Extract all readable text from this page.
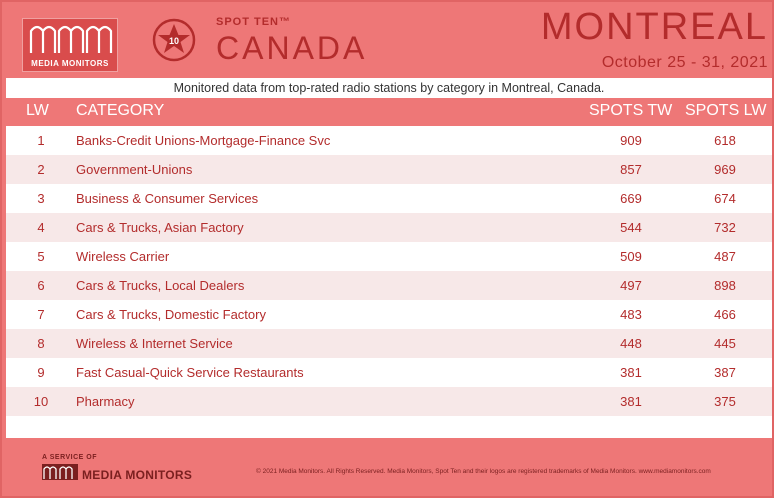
MEDIA MONITORS
10
SPOT TEN™
CANADA	MONTREAL
October 25 - 31, 2021
Monitored data from top-rated radio stations by category in Montreal, Canada.
LW CATEGORY	SPOTS TW SPOTS LW
1	Banks-Credit Unions-Mortgage-Finance Svc	909	618
2	Government-Unions	857	969
3	Business & Consumer Services	669	674
4	Cars & Trucks, Asian Factory	544	732
5	Wireless Carrier	509	487
6	Cars & Trucks, Local Dealers	497	898
7	Cars & Trucks, Domestic Factory	483	466
8	Wireless & Internet Service	448	445
9	Fast Casual-Quick Service Restaurants	381	387
10	Pharmacy	381	375
A SERVICE OF
MEDIA MONITORS	© 2021 Media Monitors. All Rights Reserved. Media Monitors, Spot Ten and their logos are registered trademarks of Media Monitors. www.mediamonitors.com
